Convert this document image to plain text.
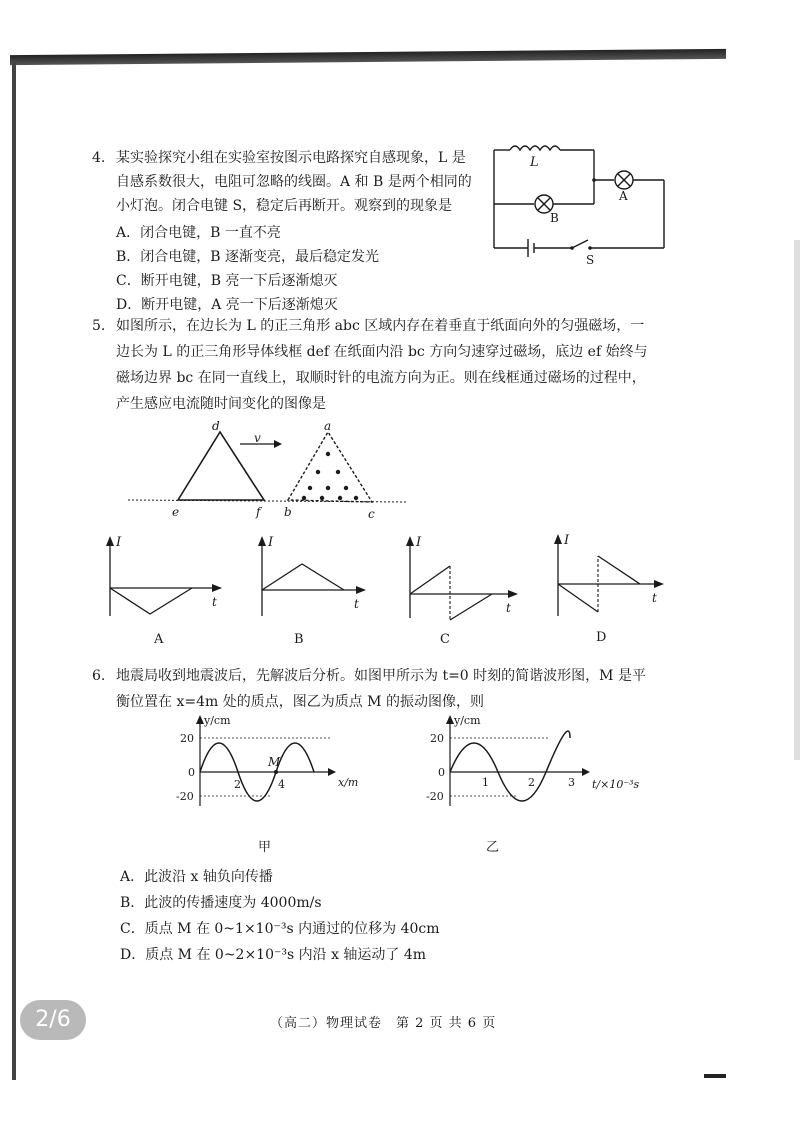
4. 某实验探究小组在实验室按图示电路探究自感现象，L 是
自感系数很大，电阻可忽略的线圈。A 和 B 是两个相同的
小灯泡。闭合电键 S，稳定后再断开。观察到的现象是
A．闭合电键，B 一直不亮
B．闭合电键，B 逐渐变亮，最后稳定发光
C．断开电键，B 亮一下后逐渐熄灭
D．断开电键，A 亮一下后逐渐熄灭
L
A
B
S
5. 如图所示，在边长为 L 的正三角形 abc 区域内存在着垂直于纸面向外的匀强磁场，一
边长为 L 的正三角形导体线框 def 在纸面内沿 bc 方向匀速穿过磁场，底边 ef 始终与
磁场边界 bc 在同一直线上，取顺时针的电流方向为正。则在线框通过磁场的过程中，
产生感应电流随时间变化的图像是
d
v
a
e	f b	c
I
t
A
I
t
B
I
t
C
I
t
D
6. 地震局收到地震波后，先解波后分析。如图甲所示为 t=0 时刻的简谐波形图，M 是平
衡位置在 x=4m 处的质点，图乙为质点 M 的振动图像，则
y/cm
x/m
20
0
-20
2	4
M
甲
y/cm
t/×10⁻³s
20
0
-20
1	2	3
乙
A．此波沿 x 轴负向传播
B．此波的传播速度为 4000m/s
C．质点 M 在 0~1×10⁻³s 内通过的位移为 40cm
D．质点 M 在 0~2×10⁻³s 内沿 x 轴运动了 4m
2/6	（高二）物理试卷　第 2 页 共 6 页
